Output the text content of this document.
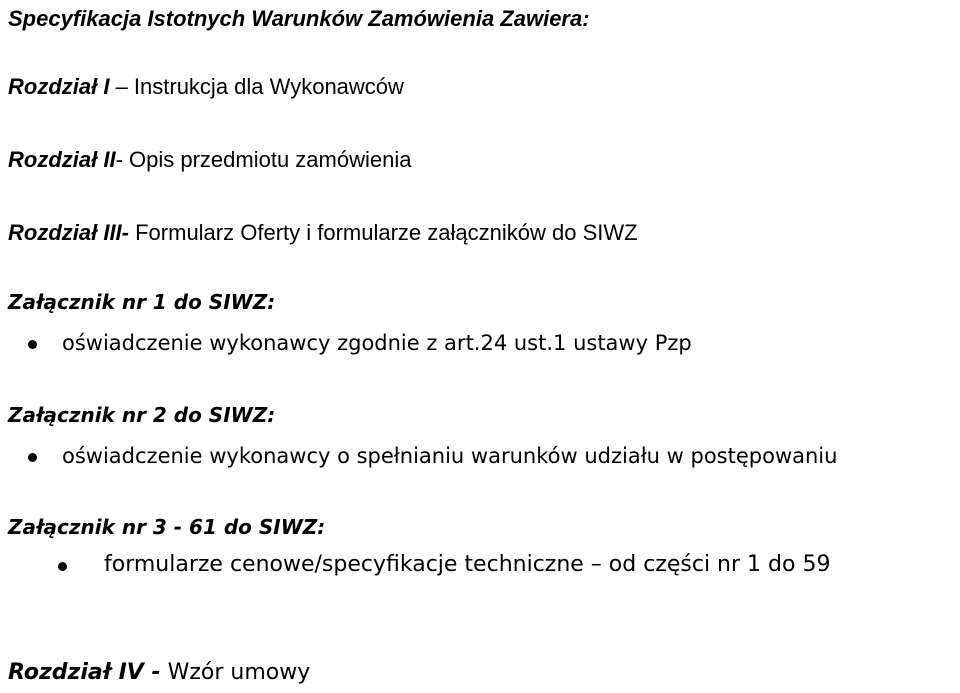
Specyfikacja Istotnych Warunków Zamówienia Zawiera:
Rozdział I – Instrukcja dla Wykonawców
Rozdział II- Opis przedmiotu zamówienia
Rozdział III- Formularz Oferty i formularze załączników do SIWZ
Załącznik nr 1 do SIWZ:
oświadczenie wykonawcy zgodnie z art.24 ust.1 ustawy Pzp
Załącznik nr 2 do SIWZ:
oświadczenie wykonawcy o spełnianiu warunków udziału w postępowaniu
Załącznik nr 3 - 61 do SIWZ:
formularze cenowe/specyfikacje techniczne – od części nr 1 do 59
Rozdział IV - Wzór umowy
